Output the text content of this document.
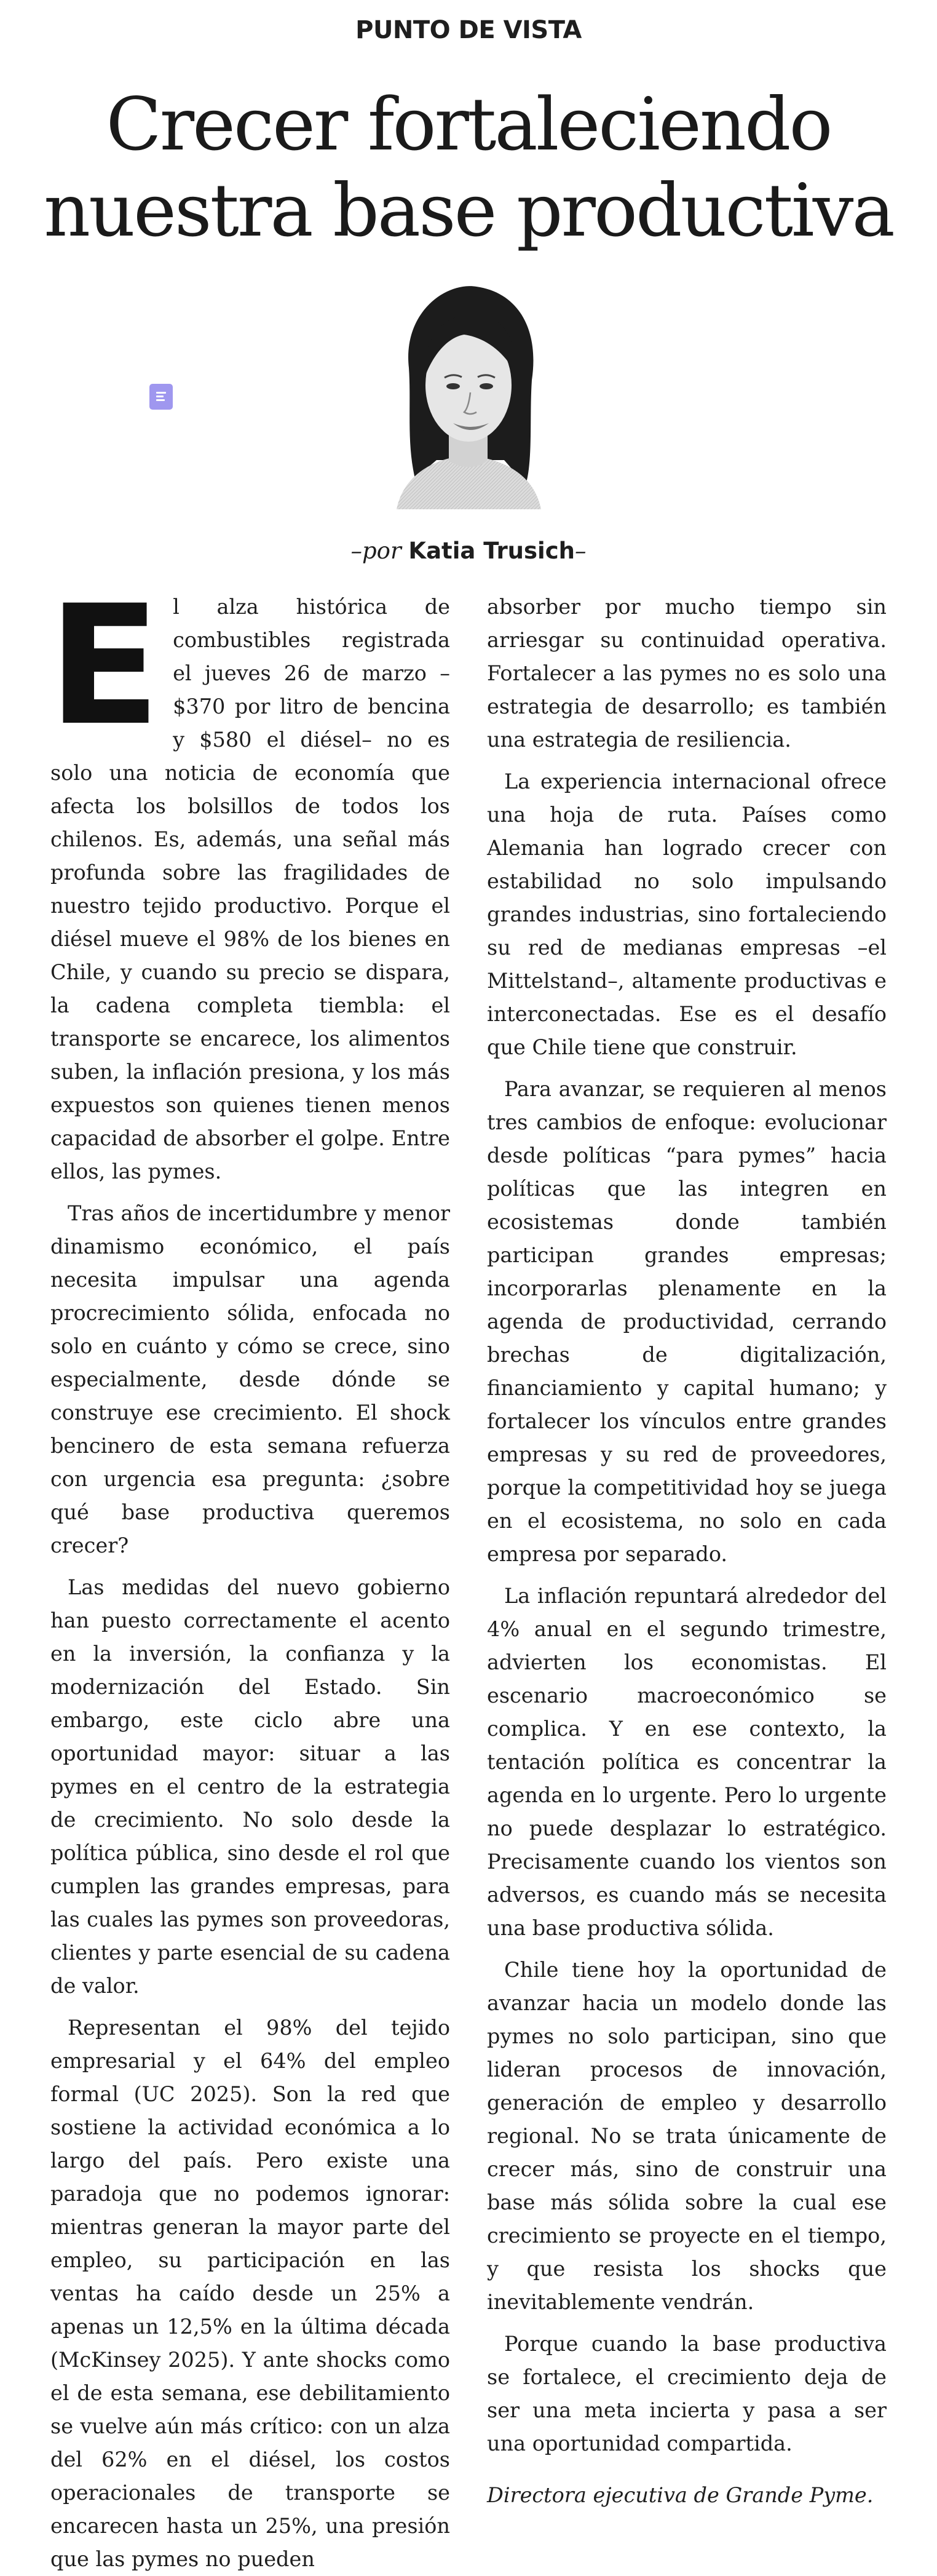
PUNTO DE VISTA
Crecer fortaleciendo
nuestra base productiva
–por Katia Trusich–

El alza histórica de combustibles registrada el jueves 26 de marzo –$370 por litro de bencina y $580 el diésel– no es solo una noticia de economía que afecta los bolsillos de todos los chilenos. Es, además, una señal más profunda sobre las fragilidades de nuestro tejido productivo. Porque el diésel mueve el 98% de los bienes en Chile, y cuando su precio se dispara, la cadena completa tiembla: el transporte se encarece, los alimentos suben, la inflación presiona, y los más expuestos son quienes tienen menos capacidad de absorber el golpe. Entre ellos, las pymes.

Tras años de incertidumbre y menor dinamismo económico, el país necesita impulsar una agenda procrecimiento sólida, enfocada no solo en cuánto y cómo se crece, sino especialmente, desde dónde se construye ese crecimiento. El shock bencinero de esta semana refuerza con urgencia esa pregunta: ¿sobre qué base productiva queremos crecer?

Las medidas del nuevo gobierno han puesto correctamente el acento en la inversión, la confianza y la modernización del Estado. Sin embargo, este ciclo abre una oportunidad mayor: situar a las pymes en el centro de la estrategia de crecimiento. No solo desde la política pública, sino desde el rol que cumplen las grandes empresas, para las cuales las pymes son proveedoras, clientes y parte esencial de su cadena de valor.

Representan el 98% del tejido empresarial y el 64% del empleo formal (UC 2025). Son la red que sostiene la actividad económica a lo largo del país. Pero existe una paradoja que no podemos ignorar: mientras generan la mayor parte del empleo, su participación en las ventas ha caído desde un 25% a apenas un 12,5% en la última década (McKinsey 2025). Y ante shocks como el de esta semana, ese debilitamiento se vuelve aún más crítico: con un alza del 62% en el diésel, los costos operacionales de transporte se encarecen hasta un 25%, una presión que las pymes no pueden

absorber por mucho tiempo sin arriesgar su continuidad operativa. Fortalecer a las pymes no es solo una estrategia de desarrollo; es también una estrategia de resiliencia.

La experiencia internacional ofrece una hoja de ruta. Países como Alemania han logrado crecer con estabilidad no solo impulsando grandes industrias, sino fortaleciendo su red de medianas empresas –el Mittelstand–, altamente productivas e interconectadas. Ese es el desafío que Chile tiene que construir.

Para avanzar, se requieren al menos tres cambios de enfoque: evolucionar desde políticas “para pymes” hacia políticas que las integren en ecosistemas donde también participan grandes empresas; incorporarlas plenamente en la agenda de productividad, cerrando brechas de digitalización, financiamiento y capital humano; y fortalecer los vínculos entre grandes empresas y su red de proveedores, porque la competitividad hoy se juega en el ecosistema, no solo en cada empresa por separado.

La inflación repuntará alrededor del 4% anual en el segundo trimestre, advierten los economistas. El escenario macroeconómico se complica. Y en ese contexto, la tentación política es concentrar la agenda en lo urgente. Pero lo urgente no puede desplazar lo estratégico. Precisamente cuando los vientos son adversos, es cuando más se necesita una base productiva sólida.

Chile tiene hoy la oportunidad de avanzar hacia un modelo donde las pymes no solo participan, sino que lideran procesos de innovación, generación de empleo y desarrollo regional. No se trata únicamente de crecer más, sino de construir una base más sólida sobre la cual ese crecimiento se proyecte en el tiempo, y que resista los shocks que inevitablemente vendrán.

Porque cuando la base productiva se fortalece, el crecimiento deja de ser una meta incierta y pasa a ser una oportunidad compartida.

Directora ejecutiva de Grande Pyme.
